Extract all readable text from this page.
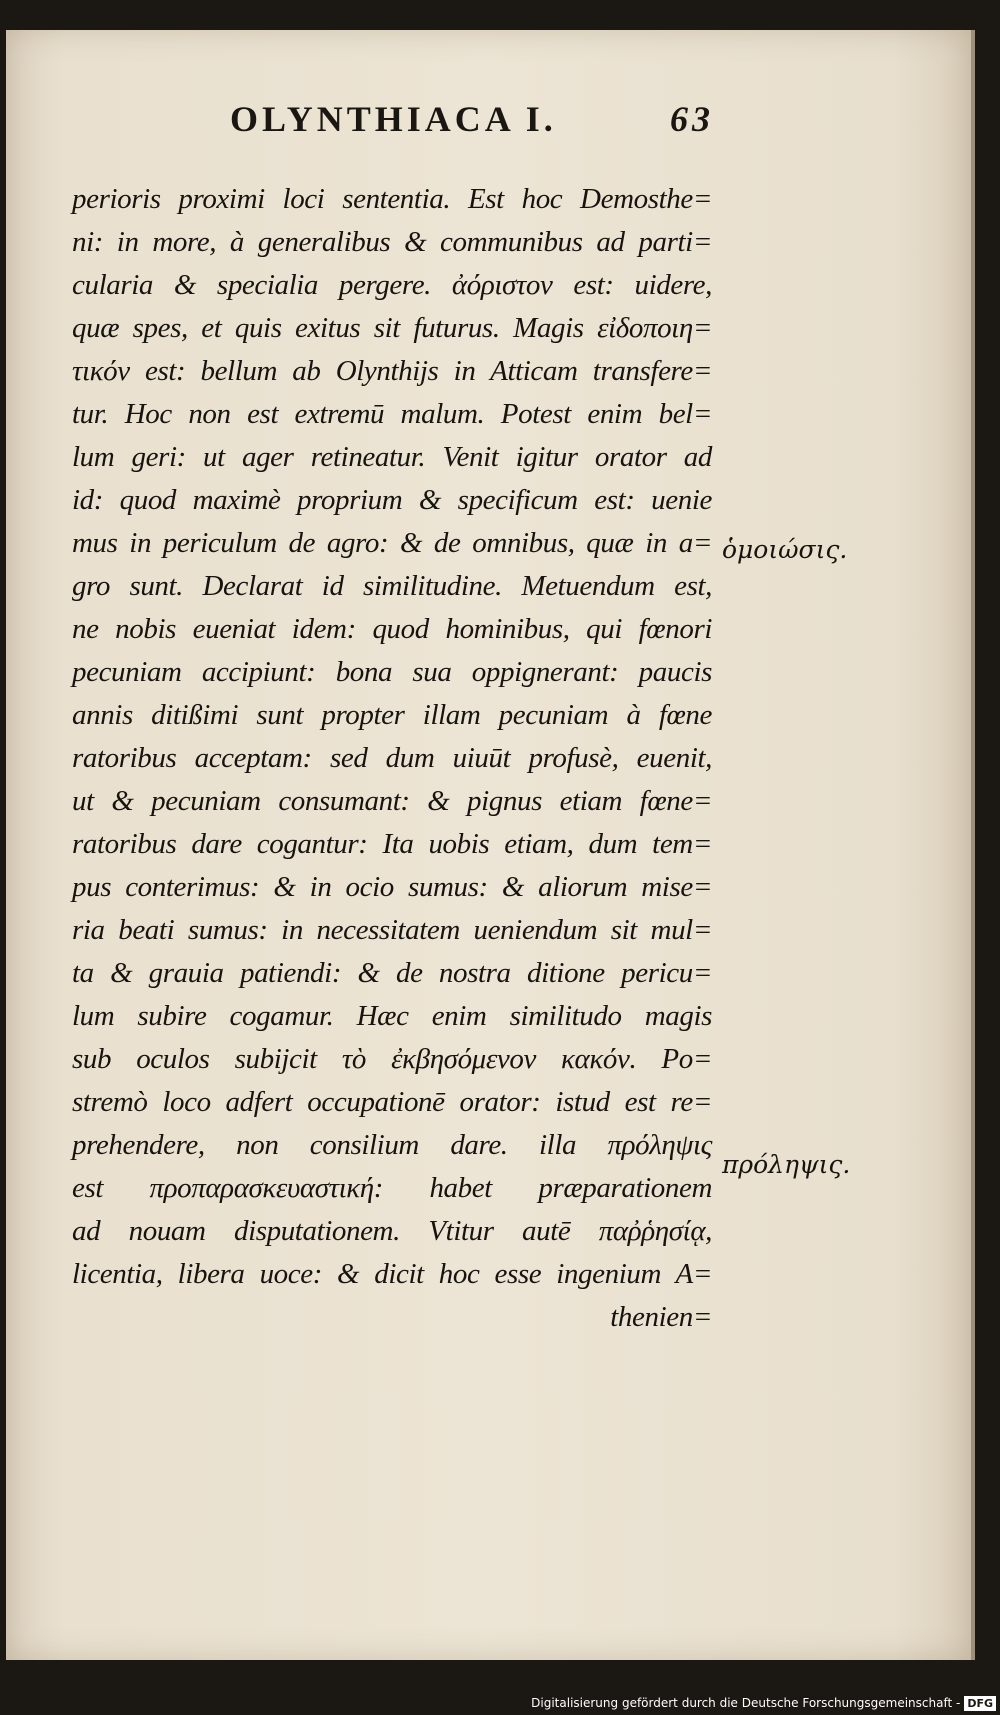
OLYNTHIACA I.	63
perioris proximi loci sententia. Est hoc Demosthe=
ni: in more, à generalibus & communibus ad parti=
cularia & specialia pergere. ἀόριστον est: uidere,
quæ spes, et quis exitus sit futurus. Magis εἰδοποιη=
τικόν est: bellum ab Olynthijs in Atticam transfere=
tur. Hoc non est extremū malum. Potest enim bel=
lum geri: ut ager retineatur. Venit igitur orator ad
id: quod maximè proprium & specificum est: uenie
mus in periculum de agro: & de omnibus, quæ in a=
gro sunt. Declarat id similitudine. Metuendum est,
ne nobis eueniat idem: quod hominibus, qui fœnori
pecuniam accipiunt: bona sua oppignerant: paucis
annis ditißimi sunt propter illam pecuniam à fœne
ratoribus acceptam: sed dum uiuūt profusè, euenit,
ut & pecuniam consumant: & pignus etiam fœne=
ratoribus dare cogantur: Ita uobis etiam, dum tem=
pus conterimus: & in ocio sumus: & aliorum mise=
ria beati sumus: in necessitatem ueniendum sit mul=
ta & grauia patiendi: & de nostra ditione pericu=
lum subire cogamur. Hæc enim similitudo magis
sub oculos subijcit τὸ ἐκβησόμενον κακόν. Po=
stremò loco adfert occupationē orator: istud est re=
prehendere, non consilium dare. illa πρόληψις
est προπαρασκευαστική: habet præparationem
ad nouam disputationem. Vtitur autē παῤῥησίᾳ,
licentia, libera uoce: & dicit hoc esse ingenium A=
thenien=
ὁμοιώσις.
πρόληψις.
Digitalisierung gefördert durch die Deutsche Forschungsgemeinschaft - DFG
